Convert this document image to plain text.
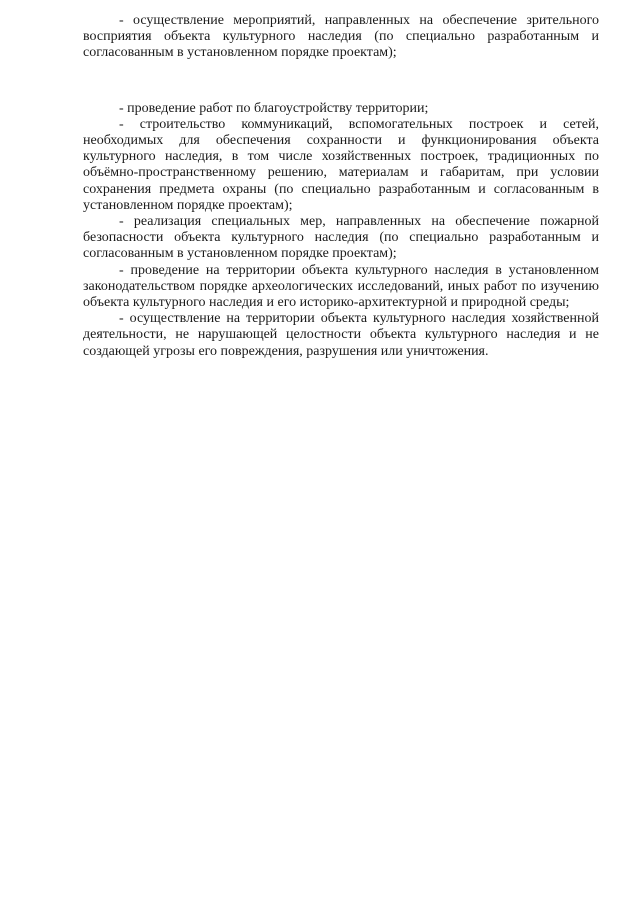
- осуществление мероприятий, направленных на обеспечение зрительного восприятия объекта культурного наследия (по специально разработанным и согласованным в установленном порядке проектам);

- проведение работ по благоустройству территории;

- строительство коммуникаций, вспомогательных построек и сетей, необходимых для обеспечения сохранности и функционирования объекта культурного наследия, в том числе хозяйственных построек, традиционных по объёмно-пространственному решению, материалам и габаритам, при условии сохранения предмета охраны (по специально разработанным и согласованным в установленном порядке проектам);

- реализация специальных мер, направленных на обеспечение пожарной безопасности объекта культурного наследия (по специально разработанным и согласованным в установленном порядке проектам);

- проведение на территории объекта культурного наследия в установленном законодательством порядке археологических исследований, иных работ по изучению объекта культурного наследия и его историко-архитектурной и природной среды;

- осуществление на территории объекта культурного наследия хозяйственной деятельности, не нарушающей целостности объекта культурного наследия и не создающей угрозы его повреждения, разрушения или уничтожения.
